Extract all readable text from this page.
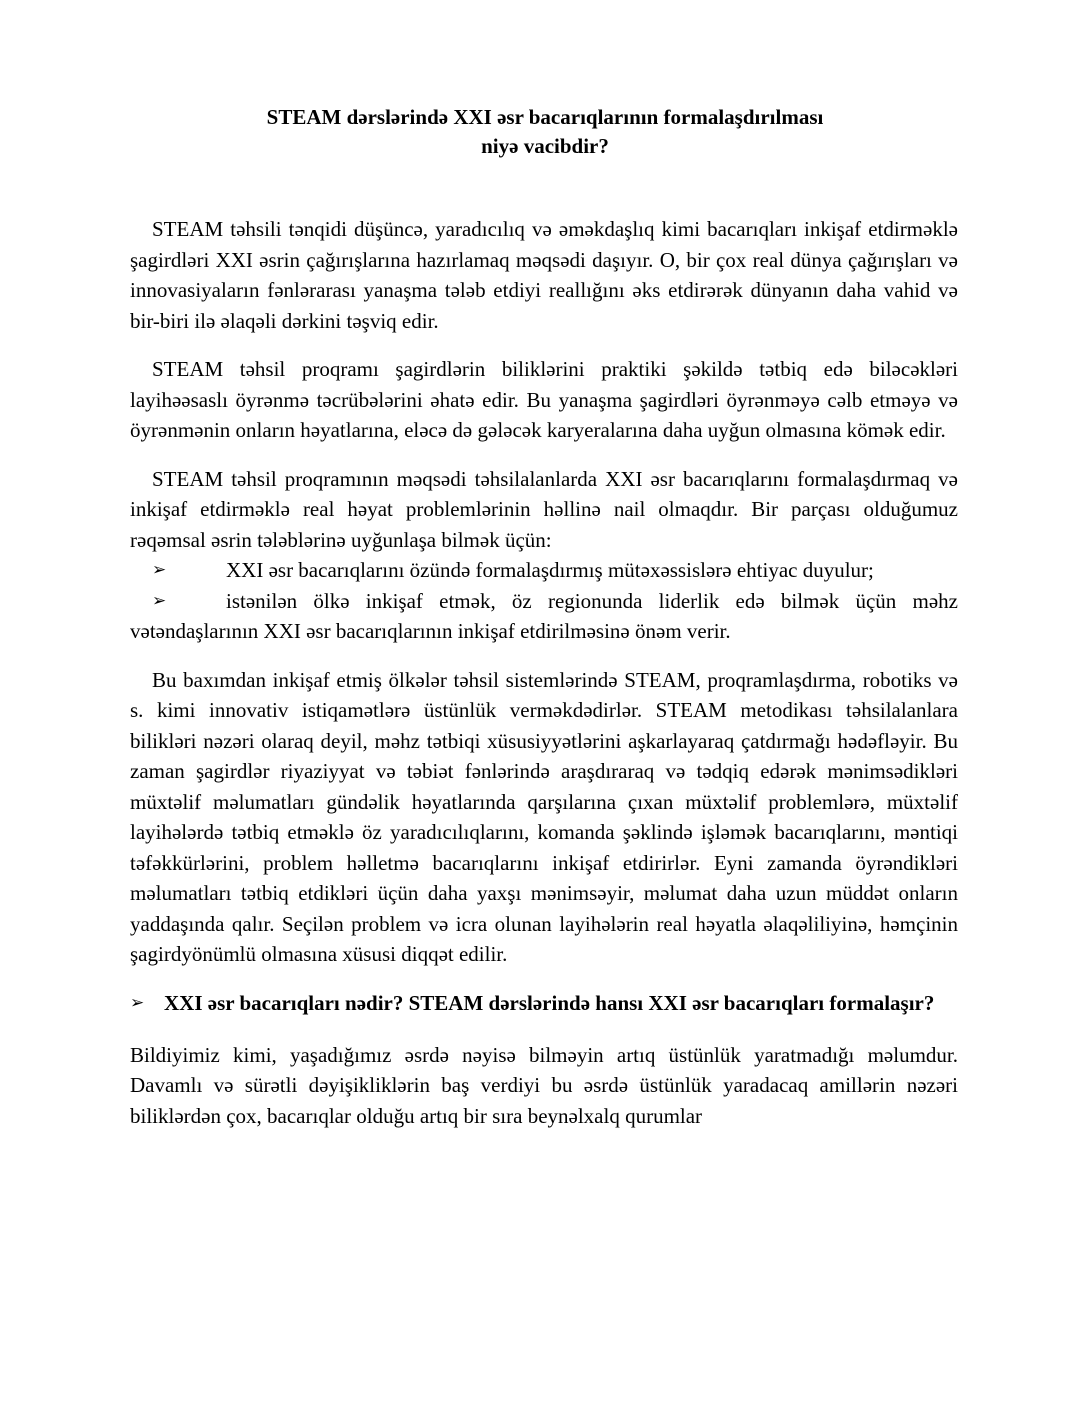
STEAM dərslərində XXI əsr bacarıqlarının formalaşdırılması
niyə vacibdir?

STEAM təhsili tənqidi düşüncə, yaradıcılıq və əməkdaşlıq kimi bacarıqları inkişaf etdirməklə şagirdləri XXI əsrin çağırışlarına hazırlamaq məqsədi daşıyır. O, bir çox real dünya çağırışları və innovasiyaların fənlərarası yanaşma tələb etdiyi reallığını əks etdirərək dünyanın daha vahid və bir-biri ilə əlaqəli dərkini təşviq edir.

STEAM təhsil proqramı şagirdlərin biliklərini praktiki şəkildə tətbiq edə biləcəkləri layihəəsaslı öyrənmə təcrübələrini əhatə edir. Bu yanaşma şagirdləri öyrənməyə cəlb etməyə və öyrənmənin onların həyatlarına, eləcə də gələcək karyeralarına daha uyğun olmasına kömək edir.

STEAM təhsil proqramının məqsədi təhsilalanlarda XXI əsr bacarıqlarını formalaşdırmaq və inkişaf etdirməklə real həyat problemlərinin həllinə nail olmaqdır. Bir parçası olduğumuz rəqəmsal əsrin tələblərinə uyğunlaşa bilmək üçün:

➢	XXI əsr bacarıqlarını özündə formalaşdırmış mütəxəssislərə ehtiyac duyulur;
➢	istənilən ölkə inkişaf etmək, öz regionunda liderlik edə bilmək üçün məhz vətəndaşlarının XXI əsr bacarıqlarının inkişaf etdirilməsinə önəm verir.

Bu baxımdan inkişaf etmiş ölkələr təhsil sistemlərində STEAM, proqramlaşdırma, robotiks və s. kimi innovativ istiqamətlərə üstünlük verməkdədirlər. STEAM metodikası təhsilalanlara bilikləri nəzəri olaraq deyil, məhz tətbiqi xüsusiyyətlərini aşkarlayaraq çatdırmağı hədəfləyir. Bu zaman şagirdlər riyaziyyat və təbiət fənlərində araşdıraraq və tədqiq edərək mənimsədikləri müxtəlif məlumatları gündəlik həyatlarında qarşılarına çıxan müxtəlif problemlərə, müxtəlif layihələrdə tətbiq etməklə öz yaradıcılıqlarını, komanda şəklində işləmək bacarıqlarını, məntiqi təfəkkürlərini, problem həlletmə bacarıqlarını inkişaf etdirirlər. Eyni zamanda öyrəndikləri məlumatları tətbiq etdikləri üçün daha yaxşı mənimsəyir, məlumat daha uzun müddət onların yaddaşında qalır. Seçilən problem və icra olunan layihələrin real həyatla əlaqəliliyinə, həmçinin şagirdyönümlü olmasına xüsusi diqqət edilir.

➢ XXI əsr bacarıqları nədir? STEAM dərslərində hansı XXI əsr bacarıqları formalaşır?

Bildiyimiz kimi, yaşadığımız əsrdə nəyisə bilməyin artıq üstünlük yaratmadığı məlumdur. Davamlı və sürətli dəyişikliklərin baş verdiyi bu əsrdə üstünlük yaradacaq amillərin nəzəri biliklərdən çox, bacarıqlar olduğu artıq bir sıra beynəlxalq qurumlar
